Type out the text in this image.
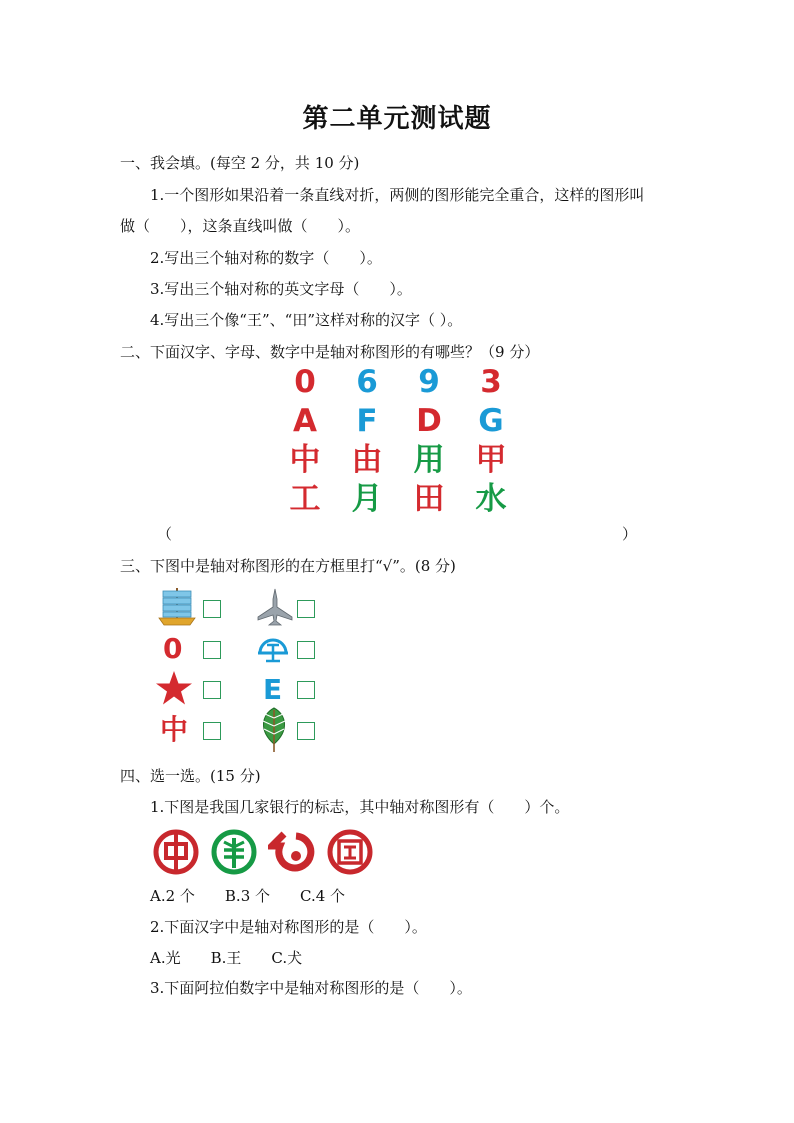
第二单元测试题
一、我会填。(每空 2 分，共 10 分)
1.一个图形如果沿着一条直线对折，两侧的图形能完全重合，这样的图形叫
做（　　），这条直线叫做（　　）。
2.写出三个轴对称的数字（　　）。
3.写出三个轴对称的英文字母（　　）。
4.写出三个像“王”、“田”这样对称的汉字（ ）。
二、下面汉字、字母、数字中是轴对称图形的有哪些？（9 分）
0	6	9	3
A	F	D	G
中	由	用	甲
工	月	田	水
（	）
三、下图中是轴对称图形的在方框里打“√”。(8 分)
0
E
中
四、选一选。(15 分)
1.下图是我国几家银行的标志，其中轴对称图形有（　　）个。
A.2 个　　B.3 个　　C.4 个
2.下面汉字中是轴对称图形的是（　　）。
A.光　　B.王　　C.犬
3.下面阿拉伯数字中是轴对称图形的是（　　）。
